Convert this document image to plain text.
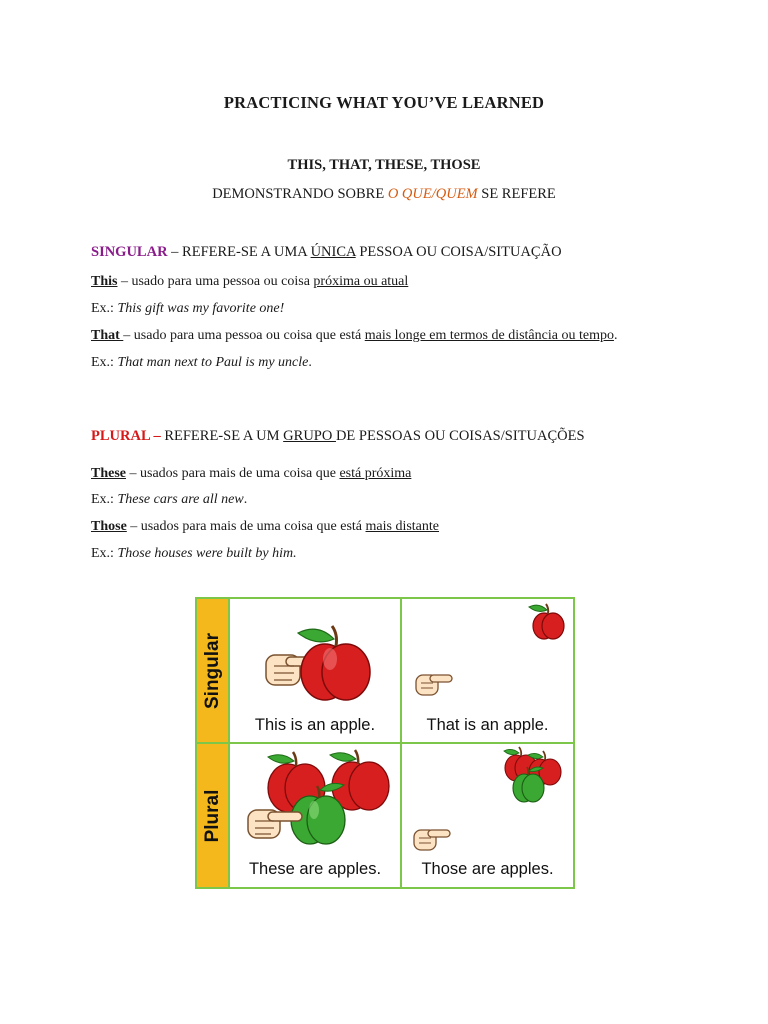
PRACTICING WHAT YOU’VE LEARNED

THIS, THAT, THESE, THOSE

DEMONSTRANDO SOBRE O QUE/QUEM SE REFERE

SINGULAR – REFERE-SE A UMA ÚNICA PESSOA OU COISA/SITUAÇÃO

This – usado para uma pessoa ou coisa próxima ou atual

Ex.: This gift was my favorite one!

That – usado para uma pessoa ou coisa que está mais longe em termos de distância ou tempo.

Ex.: That man next to Paul is my uncle.

PLURAL – REFERE-SE A UM GRUPO DE PESSOAS OU COISAS/SITUAÇÕES

These – usados para mais de uma coisa que está próxima

Ex.: These cars are all new.

Those – usados para mais de uma coisa que está mais distante

Ex.: Those houses were built by him.

Singular
Plural
This is an apple.	That is an apple.
These are apples.	Those are apples.
